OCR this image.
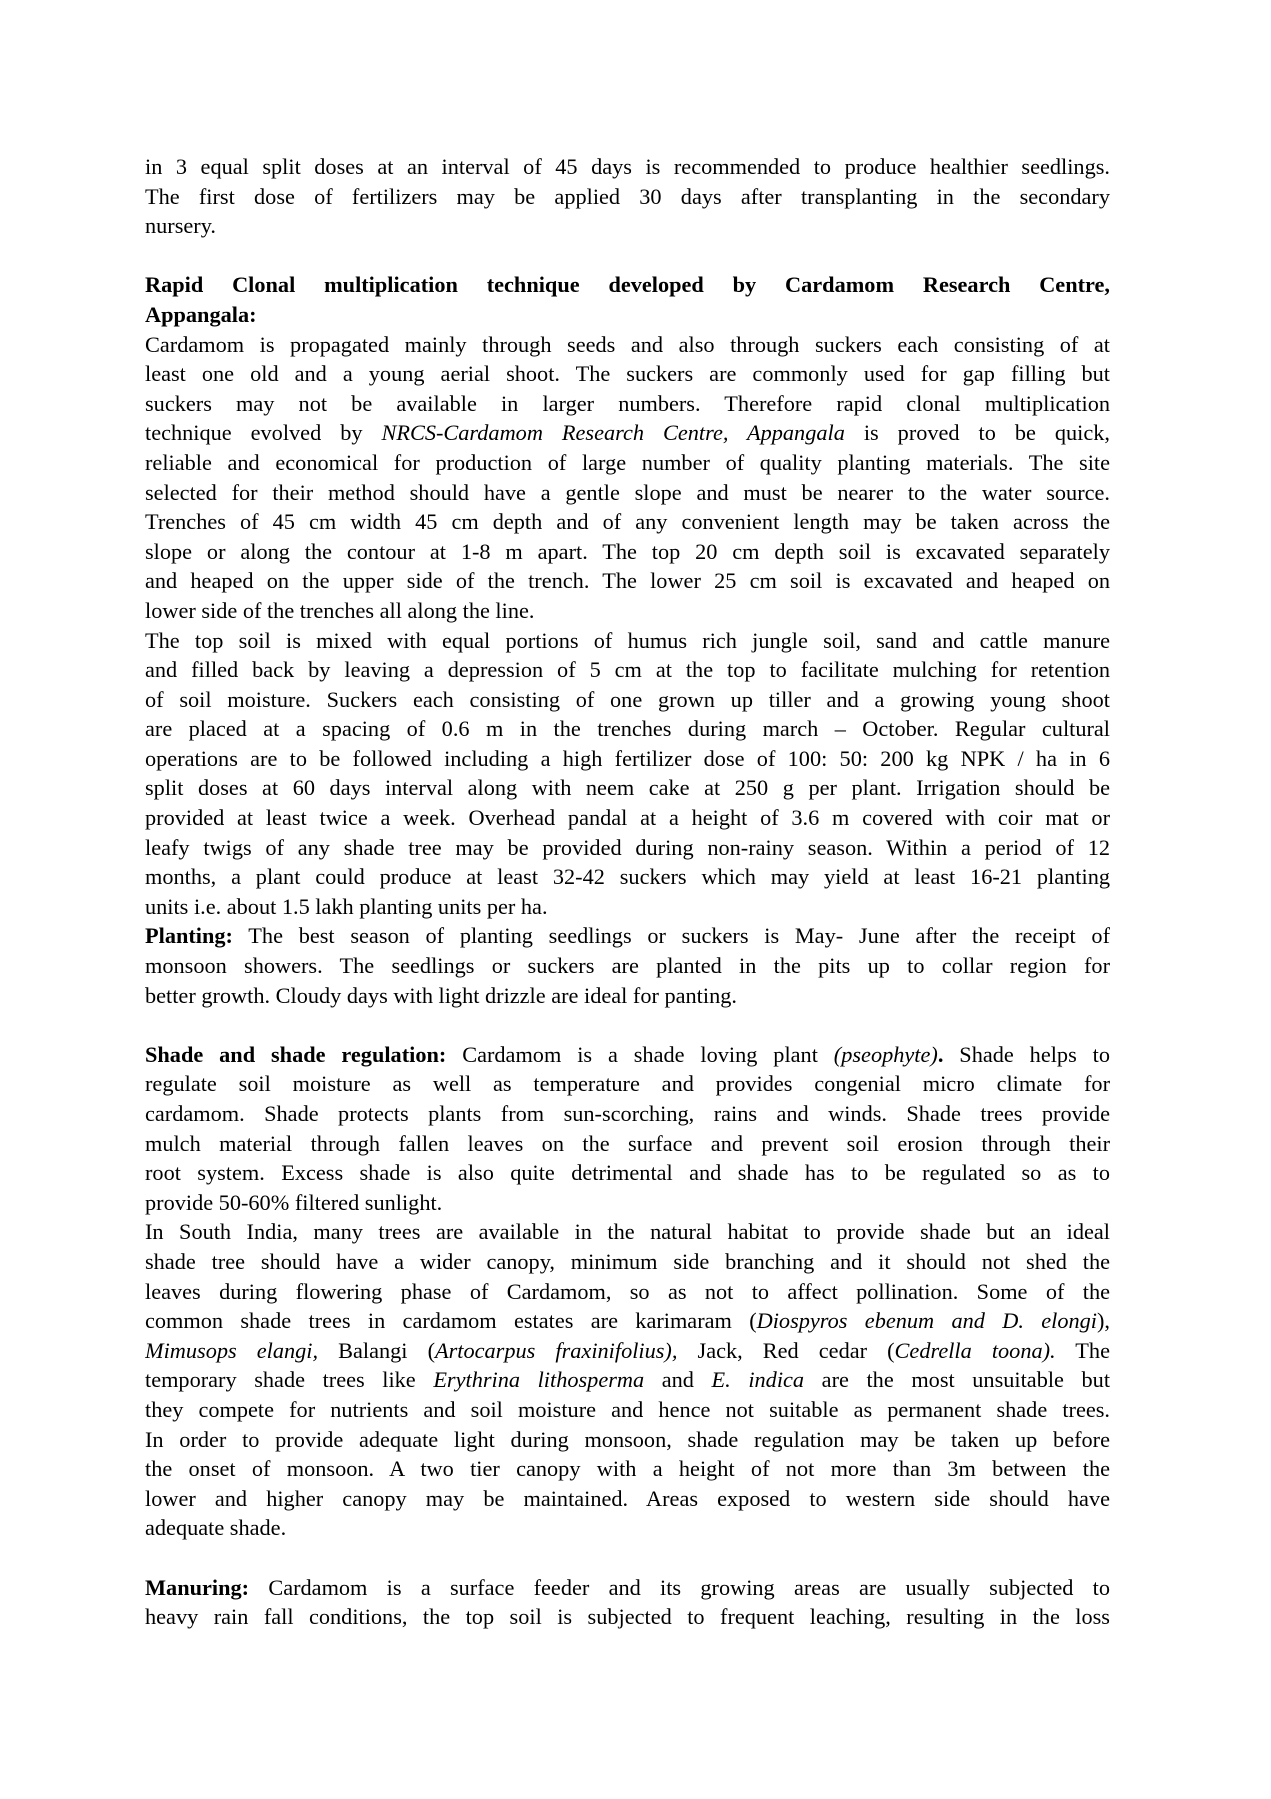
in 3 equal split doses at an interval of 45 days is recommended to produce healthier seedlings.
The first dose of fertilizers may be applied 30 days after transplanting in the secondary
nursery.
Rapid Clonal multiplication technique developed by Cardamom Research Centre,
Appangala:
Cardamom is propagated mainly through seeds and also through suckers each consisting of at
least one old and a young aerial shoot. The suckers are commonly used for gap filling but
suckers may not be available in larger numbers. Therefore rapid clonal multiplication
technique evolved by NRCS-Cardamom Research Centre, Appangala is proved to be quick,
reliable and economical for production of large number of quality planting materials. The site
selected for their method should have a gentle slope and must be nearer to the water source.
Trenches of 45 cm width 45 cm depth and of any convenient length may be taken across the
slope or along the contour at 1-8 m apart. The top 20 cm depth soil is excavated separately
and heaped on the upper side of the trench. The lower 25 cm soil is excavated and heaped on
lower side of the trenches all along the line.
The top soil is mixed with equal portions of humus rich jungle soil, sand and cattle manure
and filled back by leaving a depression of 5 cm at the top to facilitate mulching for retention
of soil moisture. Suckers each consisting of one grown up tiller and a growing young shoot
are placed at a spacing of 0.6 m in the trenches during march – October. Regular cultural
operations are to be followed including a high fertilizer dose of 100: 50: 200 kg NPK / ha in 6
split doses at 60 days interval along with neem cake at 250 g per plant. Irrigation should be
provided at least twice a week. Overhead pandal at a height of 3.6 m covered with coir mat or
leafy twigs of any shade tree may be provided during non-rainy season. Within a period of 12
months, a plant could produce at least 32-42 suckers which may yield at least 16-21 planting
units i.e. about 1.5 lakh planting units per ha.
Planting: The best season of planting seedlings or suckers is May- June after the receipt of
monsoon showers. The seedlings or suckers are planted in the pits up to collar region for
better growth. Cloudy days with light drizzle are ideal for panting.
Shade and shade regulation: Cardamom is a shade loving plant (pseophyte). Shade helps to
regulate soil moisture as well as temperature and provides congenial micro climate for
cardamom. Shade protects plants from sun-scorching, rains and winds. Shade trees provide
mulch material through fallen leaves on the surface and prevent soil erosion through their
root system. Excess shade is also quite detrimental and shade has to be regulated so as to
provide 50-60% filtered sunlight.
In South India, many trees are available in the natural habitat to provide shade but an ideal
shade tree should have a wider canopy, minimum side branching and it should not shed the
leaves during flowering phase of Cardamom, so as not to affect pollination. Some of the
common shade trees in cardamom estates are karimaram (Diospyros ebenum and D. elongi),
Mimusops elangi, Balangi (Artocarpus fraxinifolius), Jack, Red cedar (Cedrella toona). The
temporary shade trees like Erythrina lithosperma and E. indica are the most unsuitable but
they compete for nutrients and soil moisture and hence not suitable as permanent shade trees.
In order to provide adequate light during monsoon, shade regulation may be taken up before
the onset of monsoon. A two tier canopy with a height of not more than 3m between the
lower and higher canopy may be maintained. Areas exposed to western side should have
adequate shade.
Manuring: Cardamom is a surface feeder and its growing areas are usually subjected to
heavy rain fall conditions, the top soil is subjected to frequent leaching, resulting in the loss
